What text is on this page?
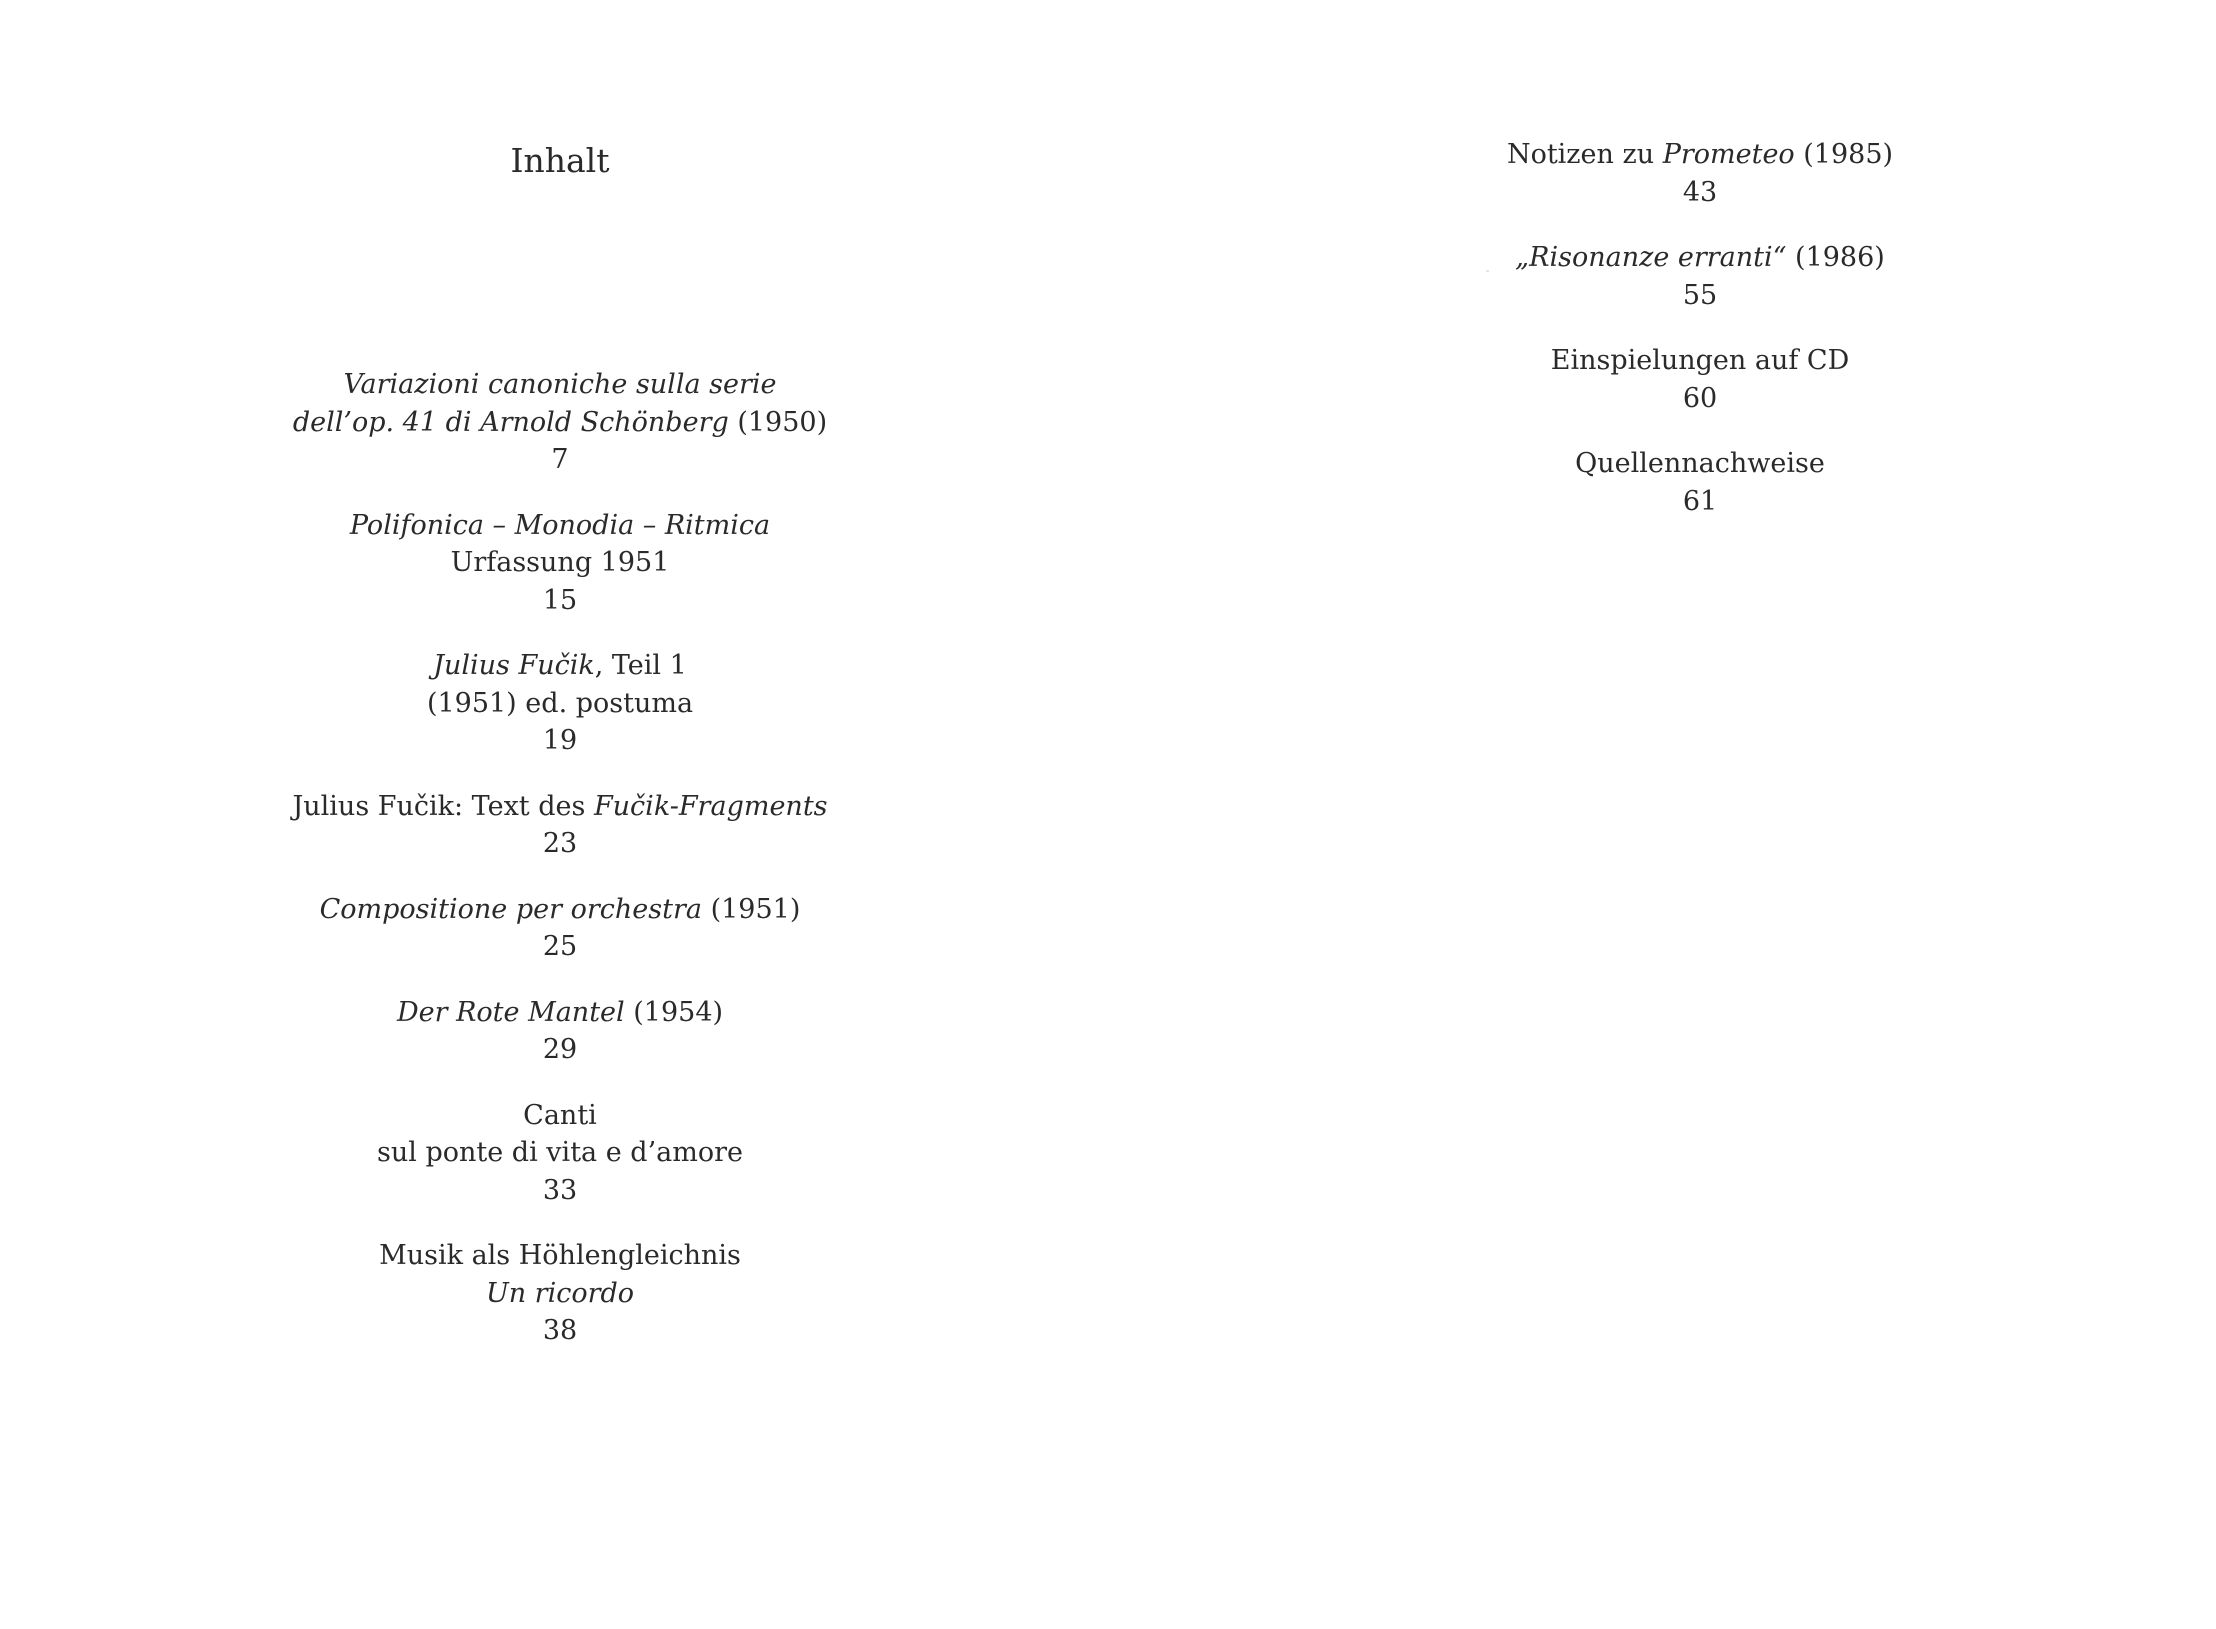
Inhalt
Variazioni canoniche sulla serie
dell’op. 41 di Arnold Schönberg (1950)
7
Polifonica – Monodia – Ritmica
Urfassung 1951
15
Julius Fučik, Teil 1
(1951) ed. postuma
19
Julius Fučik: Text des Fučik-Fragments
23
Compositione per orchestra (1951)
25
Der Rote Mantel (1954)
29
Canti
sul ponte di vita e d’amore
33
Musik als Höhlengleichnis
Un ricordo
38
Notizen zu Prometeo (1985)
43
„Risonanze erranti“ (1986)
55
Einspielungen auf CD
60
Quellennachweise
61
